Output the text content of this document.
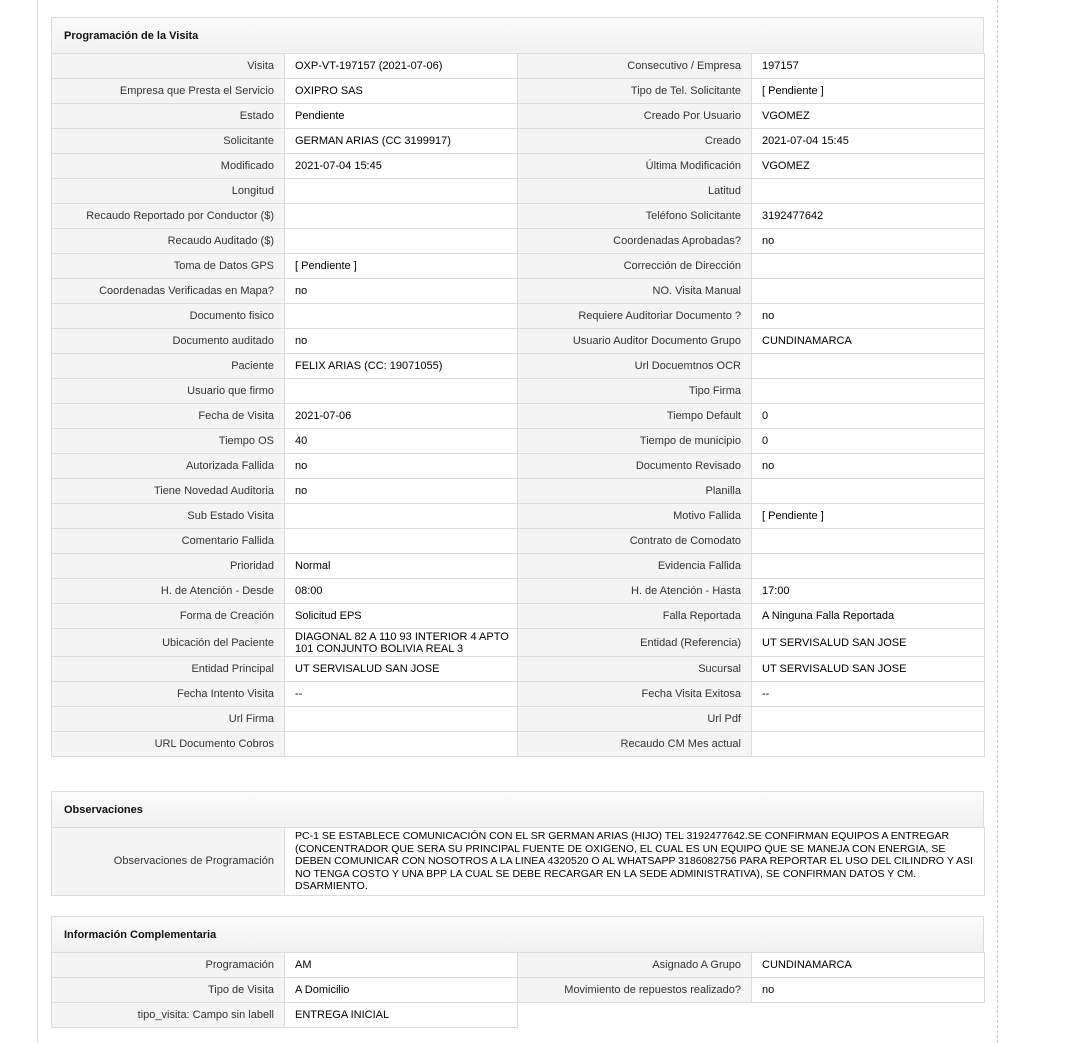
Programación de la Visita
Visita	OXP-VT-197157 (2021-07-06)	Consecutivo / Empresa	197157
Empresa que Presta el Servicio	OXIPRO SAS	Tipo de Tel. Solicitante	[ Pendiente ]
Estado	Pendiente	Creado Por Usuario	VGOMEZ
Solicitante	GERMAN ARIAS (CC 3199917)	Creado	2021-07-04 15:45
Modificado	2021-07-04 15:45	Última Modificación	VGOMEZ
Longitud		Latitud	
Recaudo Reportado por Conductor ($)		Teléfono Solicitante	3192477642
Recaudo Auditado ($)		Coordenadas Aprobadas?	no
Toma de Datos GPS	[ Pendiente ]	Corrección de Dirección	
Coordenadas Verificadas en Mapa?	no	NO. Visita Manual	
Documento fisico		Requiere Auditoriar Documento ?	no
Documento auditado	no	Usuario Auditor Documento Grupo	CUNDINAMARCA
Paciente	FELIX ARIAS (CC: 19071055)	Url Docuemtnos OCR	
Usuario que firmo		Tipo Firma	
Fecha de Visita	2021-07-06	Tiempo Default	0
Tiempo OS	40	Tiempo de municipio	0
Autorizada Fallida	no	Documento Revisado	no
Tiene Novedad Auditoria	no	Planilla	
Sub Estado Visita		Motivo Fallida	[ Pendiente ]
Comentario Fallida		Contrato de Comodato	
Prioridad	Normal	Evidencia Fallida	
H. de Atención - Desde	08:00	H. de Atención - Hasta	17:00
Forma de Creación	Solicitud EPS	Falla Reportada	A Ninguna Falla Reportada
Ubicación del Paciente	DIAGONAL 82 A 110 93 INTERIOR 4 APTO 101 CONJUNTO BOLIVIA REAL 3	Entidad (Referencia)	UT SERVISALUD SAN JOSE
Entidad Principal	UT SERVISALUD SAN JOSE	Sucursal	UT SERVISALUD SAN JOSE
Fecha Intento Visita	--	Fecha Visita Exitosa	--
Url Firma		Url Pdf	
URL Documento Cobros		Recaudo CM Mes actual	
Observaciones
Observaciones de Programación	PC-1 SE ESTABLECE COMUNICACIÓN CON EL SR GERMAN ARIAS (HIJO) TEL 3192477642.SE CONFIRMAN EQUIPOS A ENTREGAR (CONCENTRADOR QUE SERA SU PRINCIPAL FUENTE DE OXIGENO, EL CUAL ES UN EQUIPO QUE SE MANEJA CON ENERGIA, SE DEBEN COMUNICAR CON NOSOTROS A LA LINEA 4320520 O AL WHATSAPP 3186082756 PARA REPORTAR EL USO DEL CILINDRO Y ASI NO TENGA COSTO Y UNA BPP LA CUAL SE DEBE RECARGAR EN LA SEDE ADMINISTRATIVA), SE CONFIRMAN DATOS Y CM. DSARMIENTO.
Información Complementaria
Programación	AM	Asignado A Grupo	CUNDINAMARCA
Tipo de Visita	A Domicilio	Movimiento de repuestos realizado?	no
tipo_visita: Campo sin labell	ENTREGA INICIAL		
